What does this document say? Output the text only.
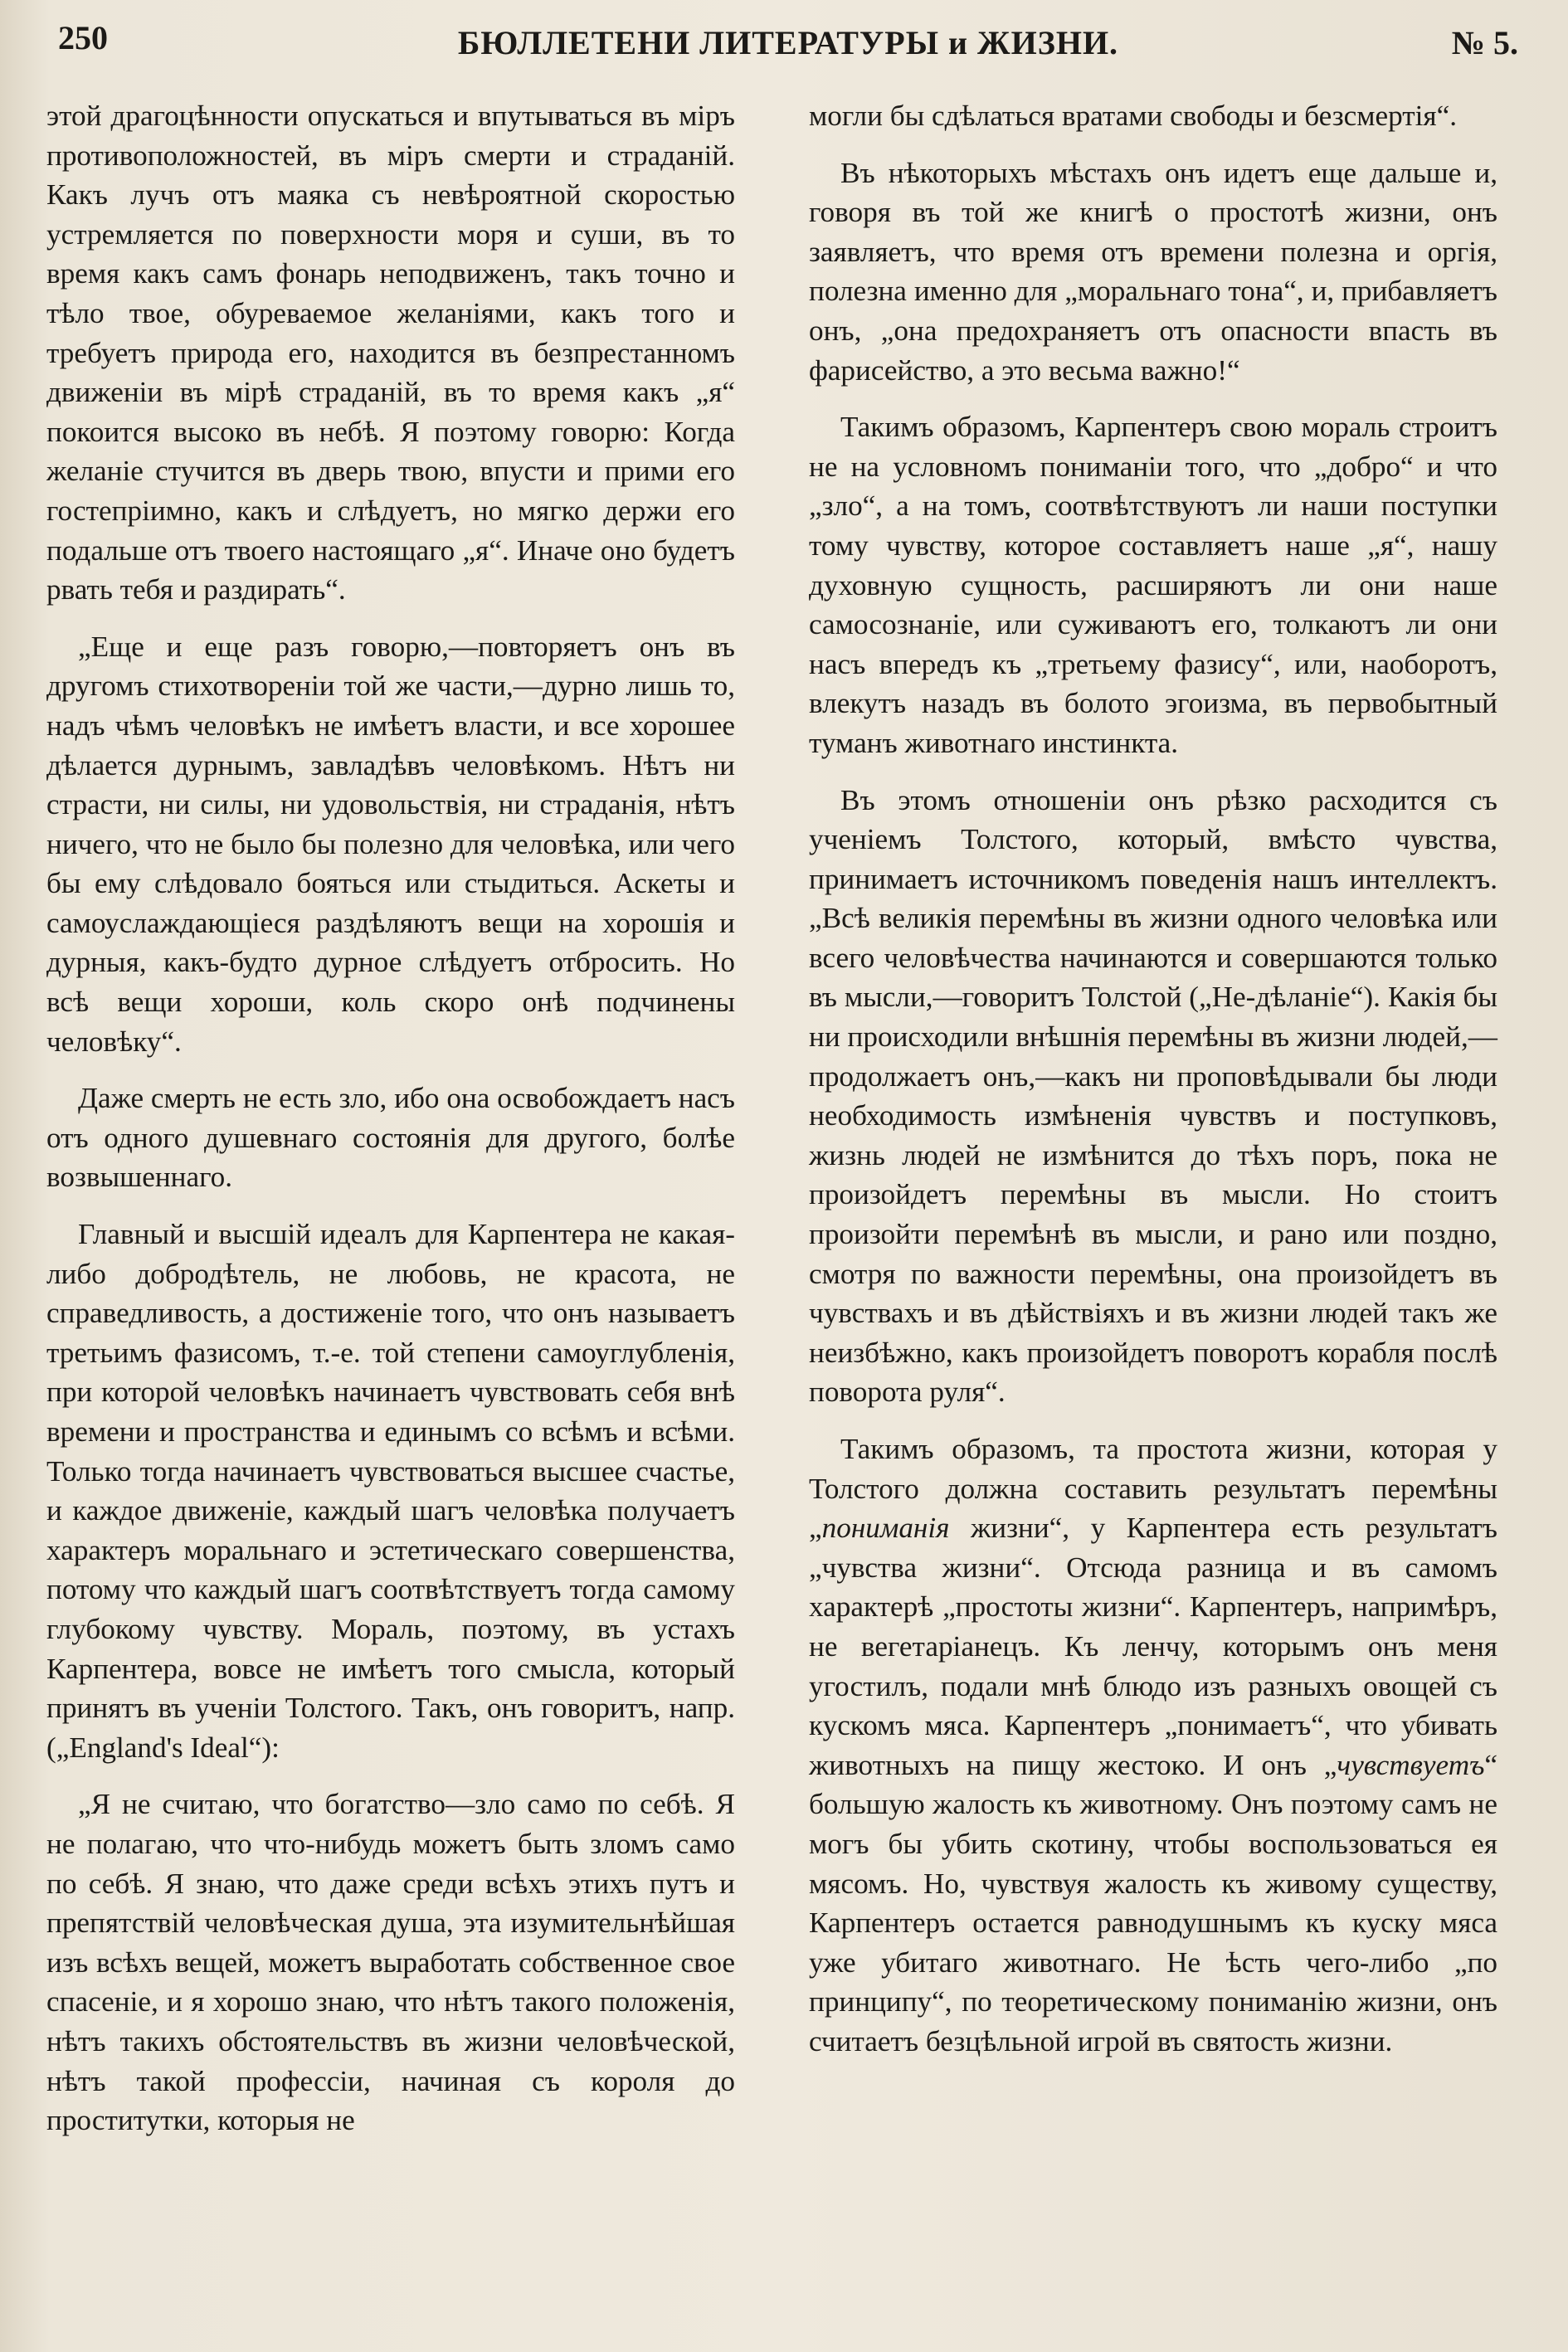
250	БЮЛЛЕТЕНИ ЛИТЕРАТУРЫ и ЖИЗНИ.	№ 5.

этой драгоцѣнности опускаться и впутываться въ міръ противоположностей, въ міръ смерти и страданій. Какъ лучъ отъ маяка съ невѣроятной скоростью устремляется по поверхности моря и суши, въ то время какъ самъ фонарь неподвиженъ, такъ точно и тѣло твое, обуреваемое желаніями, какъ того и требуетъ природа его, находится въ безпрестанномъ движеніи въ мірѣ страданій, въ то время какъ „я“ покоится высоко въ небѣ. Я поэтому говорю: Когда желаніе стучится въ дверь твою, впусти и прими его гостепріимно, какъ и слѣдуетъ, но мягко держи его подальше отъ твоего настоящаго „я“. Иначе оно будетъ рвать тебя и раздирать“.

„Еще и еще разъ говорю,—повторяетъ онъ въ другомъ стихотвореніи той же части,—дурно лишь то, надъ чѣмъ человѣкъ не имѣетъ власти, и все хорошее дѣлается дурнымъ, завладѣвъ человѣкомъ. Нѣтъ ни страсти, ни силы, ни удовольствія, ни страданія, нѣтъ ничего, что не было бы полезно для человѣка, или чего бы ему слѣдовало бояться или стыдиться. Аскеты и самоуслаждающіеся раздѣляютъ вещи на хорошія и дурныя, какъ-будто дурное слѣдуетъ отбросить. Но всѣ вещи хороши, коль скоро онѣ подчинены человѣку“.

Даже смерть не есть зло, ибо она освобождаетъ насъ отъ одного душевнаго состоянія для другого, болѣе возвышеннаго.

Главный и высшій идеалъ для Карпентера не какая-либо добродѣтель, не любовь, не красота, не справедливость, а достиженіе того, что онъ называетъ третьимъ фазисомъ, т.-е. той степени самоуглубленія, при которой человѣкъ начинаетъ чувствовать себя внѣ времени и пространства и единымъ со всѣмъ и всѣми. Только тогда начинаетъ чувствоваться высшее счастье, и каждое движеніе, каждый шагъ человѣка получаетъ характеръ моральнаго и эстетическаго совершенства, потому что каждый шагъ соотвѣтствуетъ тогда самому глубокому чувству. Мораль, поэтому, въ устахъ Карпентера, вовсе не имѣетъ того смысла, который принятъ въ ученіи Толстого. Такъ, онъ говоритъ, напр. („England's Ideal“):

„Я не считаю, что богатство—зло само по себѣ. Я не полагаю, что что-нибудь можетъ быть зломъ само по себѣ. Я знаю, что даже среди всѣхъ этихъ путъ и препятствій человѣческая душа, эта изумительнѣйшая изъ всѣхъ вещей, можетъ выработать собственное свое спасеніе, и я хорошо знаю, что нѣтъ такого положенія, нѣтъ такихъ обстоятельствъ въ жизни человѣческой, нѣтъ такой профессіи, начиная съ короля до проститутки, которыя не

могли бы сдѣлаться вратами свободы и безсмертія“.

Въ нѣкоторыхъ мѣстахъ онъ идетъ еще дальше и, говоря въ той же книгѣ о простотѣ жизни, онъ заявляетъ, что время отъ времени полезна и оргія, полезна именно для „моральнаго тона“, и, прибавляетъ онъ, „она предохраняетъ отъ опасности впасть въ фарисейство, а это весьма важно!“

Такимъ образомъ, Карпентеръ свою мораль строитъ не на условномъ пониманіи того, что „добро“ и что „зло“, а на томъ, соотвѣтствуютъ ли наши поступки тому чувству, которое составляетъ наше „я“, нашу духовную сущность, расширяютъ ли они наше самосознаніе, или суживаютъ его, толкаютъ ли они насъ впередъ къ „третьему фазису“, или, наоборотъ, влекутъ назадъ въ болото эгоизма, въ первобытный туманъ животнаго инстинкта.

Въ этомъ отношеніи онъ рѣзко расходится съ ученіемъ Толстого, который, вмѣсто чувства, принимаетъ источникомъ поведенія нашъ интеллектъ. „Всѣ великія перемѣны въ жизни одного человѣка или всего человѣчества начинаются и совершаются только въ мысли,—говоритъ Толстой („Не-дѣланіе“). Какія бы ни происходили внѣшнія перемѣны въ жизни людей,—продолжаетъ онъ,—какъ ни проповѣдывали бы люди необходимость измѣненія чувствъ и поступковъ, жизнь людей не измѣнится до тѣхъ поръ, пока не произойдетъ перемѣны въ мысли. Но стоитъ произойти перемѣнѣ въ мысли, и рано или поздно, смотря по важности перемѣны, она произойдетъ въ чувствахъ и въ дѣйствіяхъ и въ жизни людей такъ же неизбѣжно, какъ произойдетъ поворотъ корабля послѣ поворота руля“.

Такимъ образомъ, та простота жизни, которая у Толстого должна составить результатъ перемѣны „пониманія жизни“, у Карпентера есть результатъ „чувства жизни“. Отсюда разница и въ самомъ характерѣ „простоты жизни“. Карпентеръ, напримѣръ, не вегетаріанецъ. Къ ленчу, которымъ онъ меня угостилъ, подали мнѣ блюдо изъ разныхъ овощей съ кускомъ мяса. Карпентеръ „понимаетъ“, что убивать животныхъ на пищу жестоко. И онъ „чувствуетъ“ большую жалость къ животному. Онъ поэтому самъ не могъ бы убить скотину, чтобы воспользоваться ея мясомъ. Но, чувствуя жалость къ живому существу, Карпентеръ остается равнодушнымъ къ куску мяса уже убитаго животнаго. Не ѣсть чего-либо „по принципу“, по теоретическому пониманію жизни, онъ считаетъ безцѣльной игрой въ святость жизни.
